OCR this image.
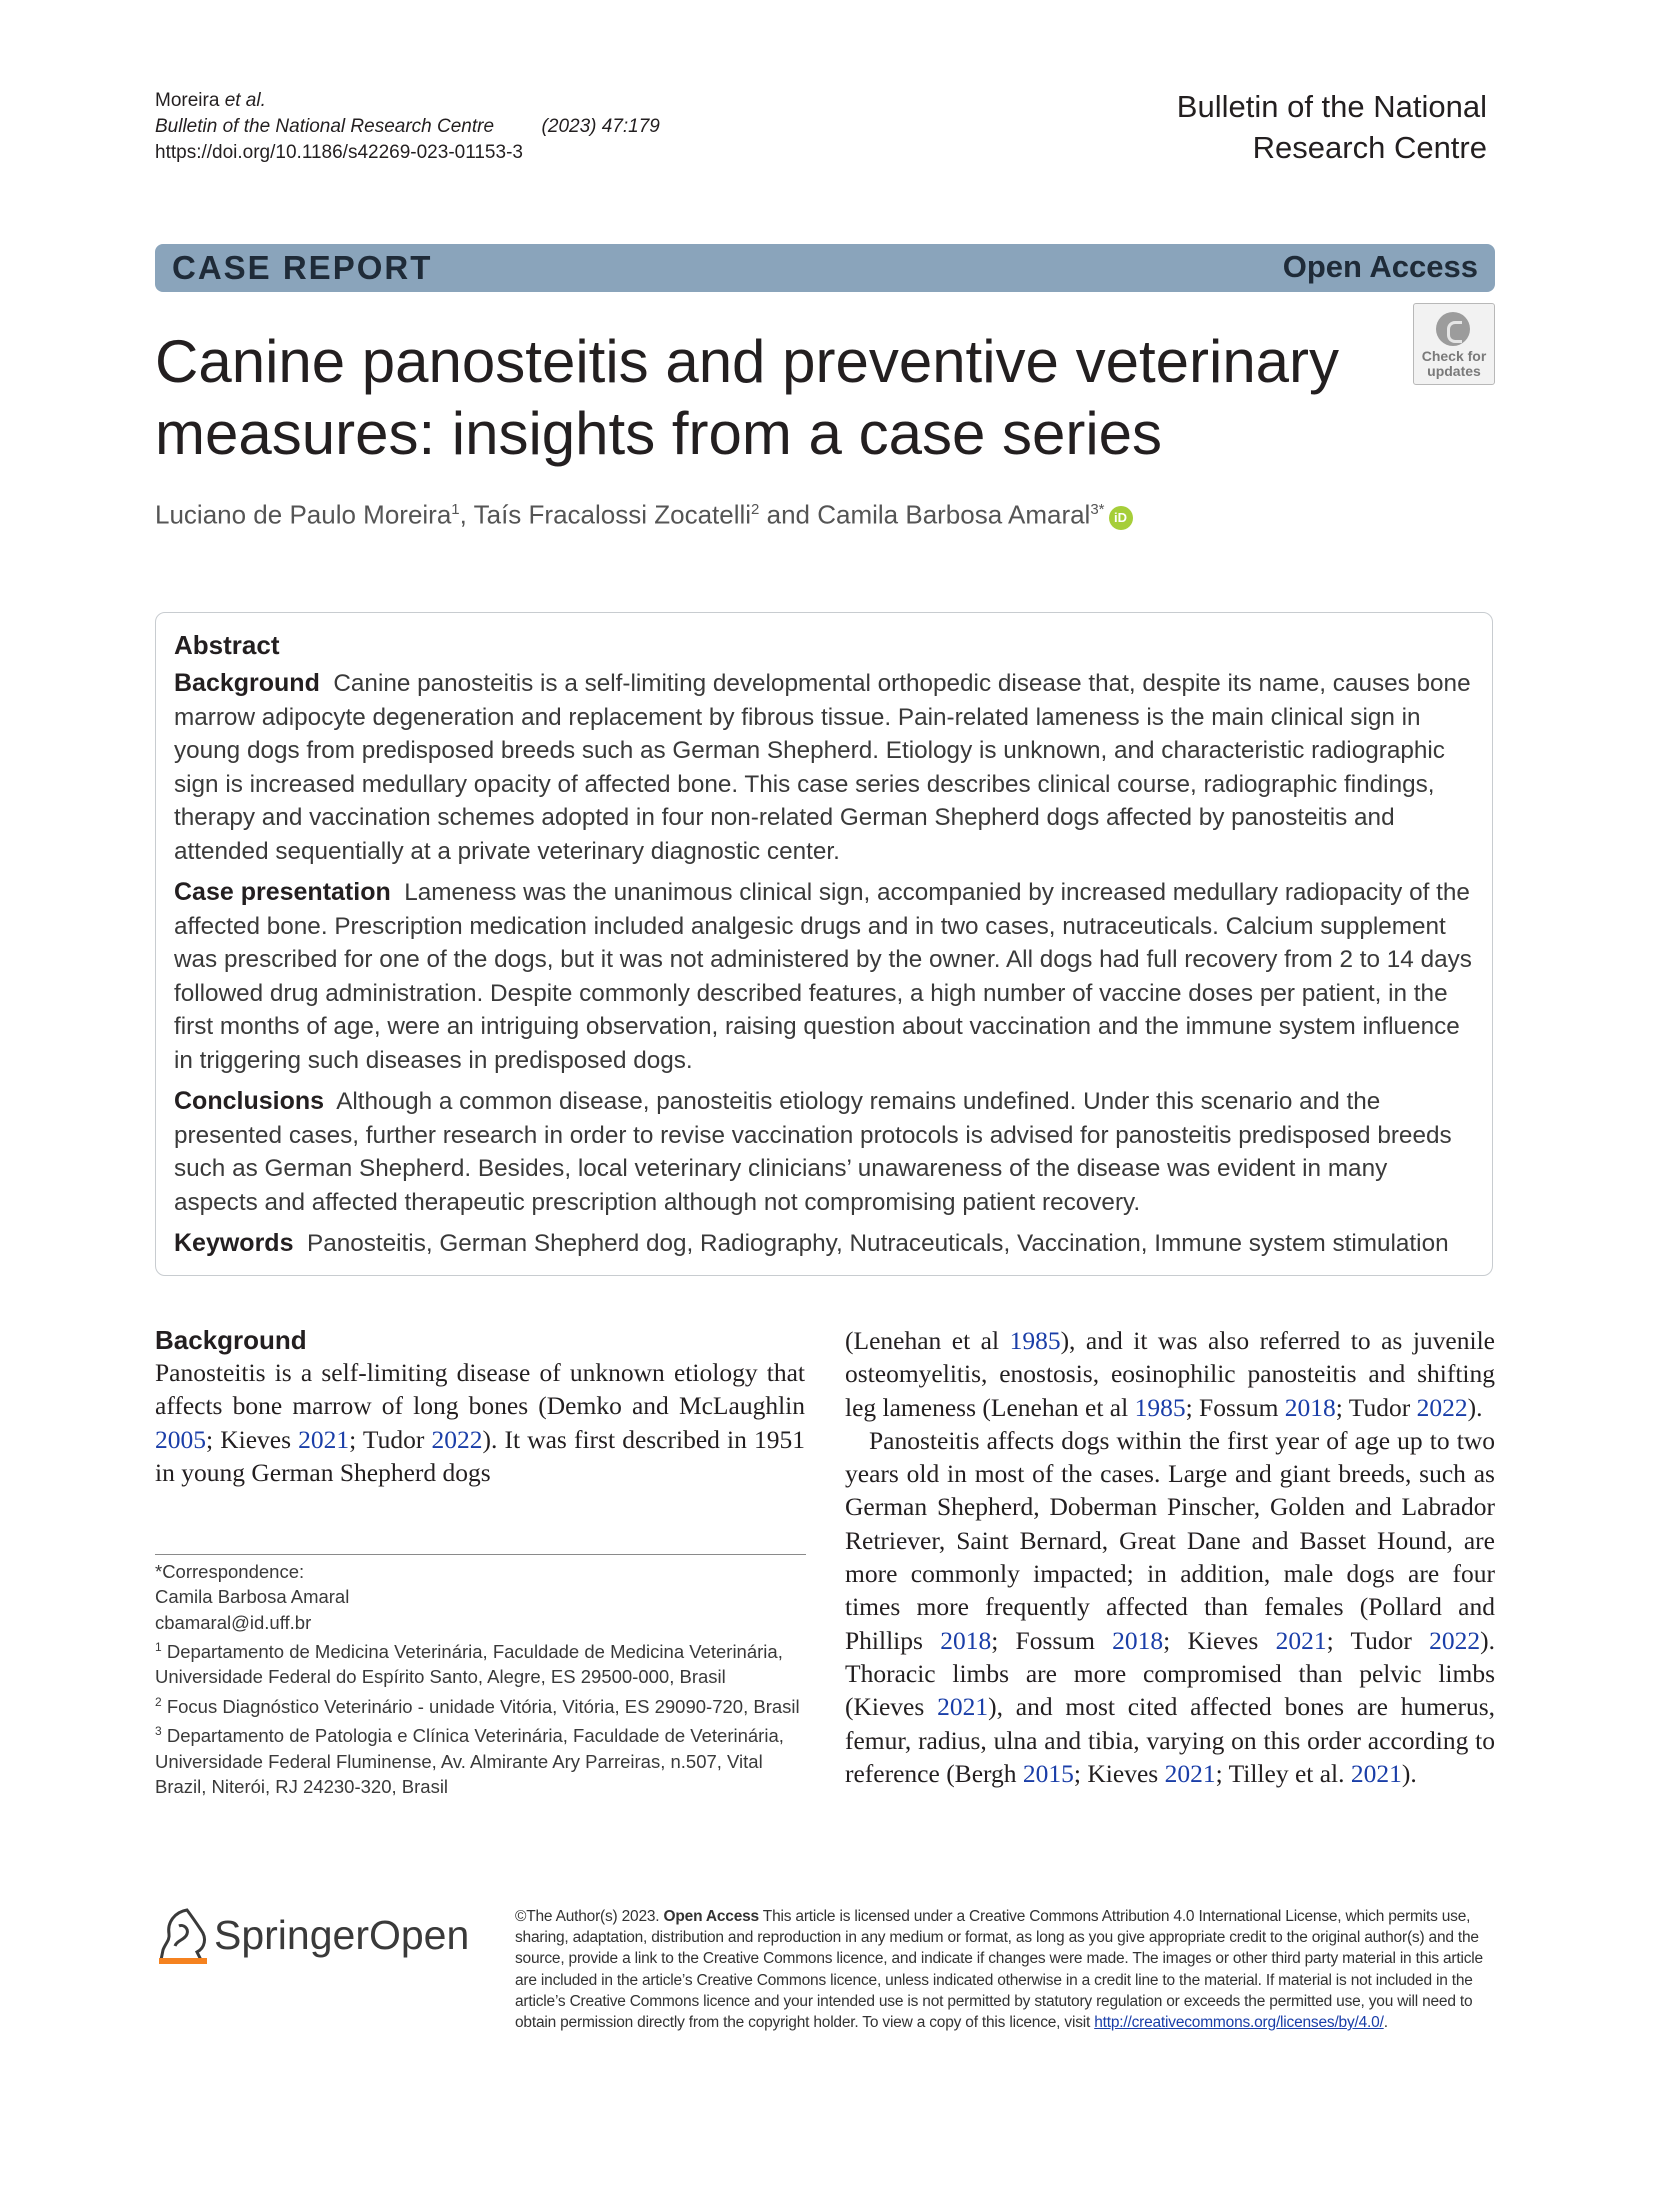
Moreira et al.
Bulletin of the National Research Centre	(2023) 47:179
https://doi.org/10.1186/s42269-023-01153-3
Bulletin of the National
Research Centre
CASE REPORT	Open Access
Canine panosteitis and preventive veterinary
measures: insights from a case series
Check for
updates
Luciano de Paulo Moreira$^1$, Taís Fracalossi Zocatelli$^2$ and Camila Barbosa Amaral$^{3*}$ iD
Abstract

Background Canine panosteitis is a self-limiting developmental orthopedic disease that, despite its name, causes bone marrow adipocyte degeneration and replacement by fibrous tissue. Pain-related lameness is the main clinical sign in young dogs from predisposed breeds such as German Shepherd. Etiology is unknown, and characteristic radiographic sign is increased medullary opacity of affected bone. This case series describes clinical course, radiographic findings, therapy and vaccination schemes adopted in four non-related German Shepherd dogs affected by panosteitis and attended sequentially at a private veterinary diagnostic center.

Case presentation Lameness was the unanimous clinical sign, accompanied by increased medullary radiopacity of the affected bone. Prescription medication included analgesic drugs and in two cases, nutraceuticals. Calcium supplement was prescribed for one of the dogs, but it was not administered by the owner. All dogs had full recovery from 2 to 14 days followed drug administration. Despite commonly described features, a high number of vaccine doses per patient, in the first months of age, were an intriguing observation, raising question about vaccination and the immune system influence in triggering such diseases in predisposed dogs.

Conclusions Although a common disease, panosteitis etiology remains undefined. Under this scenario and the presented cases, further research in order to revise vaccination protocols is advised for panosteitis predisposed breeds such as German Shepherd. Besides, local veterinary clinicians’ unawareness of the disease was evident in many aspects and affected therapeutic prescription although not compromising patient recovery.

Keywords Panosteitis, German Shepherd dog, Radiography, Nutraceuticals, Vaccination, Immune system stimulation

Background

Panosteitis is a self-limiting disease of unknown etiology that affects bone marrow of long bones (Demko and McLaughlin 2005; Kieves 2021; Tudor 2022). It was first described in 1951 in young German Shepherd dogs

(Lenehan et al 1985), and it was also referred to as juvenile osteomyelitis, enostosis, eosinophilic panosteitis and shifting leg lameness (Lenehan et al 1985; Fossum 2018; Tudor 2022).

Panosteitis affects dogs within the first year of age up to two years old in most of the cases. Large and giant breeds, such as German Shepherd, Doberman Pinscher, Golden and Labrador Retriever, Saint Bernard, Great Dane and Basset Hound, are more commonly impacted; in addition, male dogs are four times more frequently affected than females (Pollard and Phillips 2018; Fossum 2018; Kieves 2021; Tudor 2022). Thoracic limbs are more compromised than pelvic limbs (Kieves 2021), and most cited affected bones are humerus, femur, radius, ulna and tibia, varying on this order according to reference (Bergh 2015; Kieves 2021; Tilley et al. 2021).

*Correspondence:
Camila Barbosa Amaral
cbamaral@id.uff.br
$^1$ Departamento de Medicina Veterinária, Faculdade de Medicina Veterinária, Universidade Federal do Espírito Santo, Alegre, ES 29500-000, Brasil
$^2$ Focus Diagnóstico Veterinário - unidade Vitória, Vitória, ES 29090-720, Brasil
$^3$ Departamento de Patologia e Clínica Veterinária, Faculdade de Veterinária, Universidade Federal Fluminense, Av. Almirante Ary Parreiras, n.507, Vital Brazil, Niterói, RJ 24230-320, Brasil
SpringerOpen	©The Author(s) 2023. Open Access This article is licensed under a Creative Commons Attribution 4.0 International License, which permits use, sharing, adaptation, distribution and reproduction in any medium or format, as long as you give appropriate credit to the original author(s) and the source, provide a link to the Creative Commons licence, and indicate if changes were made. The images or other third party material in this article are included in the article’s Creative Commons licence, unless indicated otherwise in a credit line to the material. If material is not included in the article’s Creative Commons licence and your intended use is not permitted by statutory regulation or exceeds the permitted use, you will need to obtain permission directly from the copyright holder. To view a copy of this licence, visit http://creativecommons.org/licenses/by/4.0/.
